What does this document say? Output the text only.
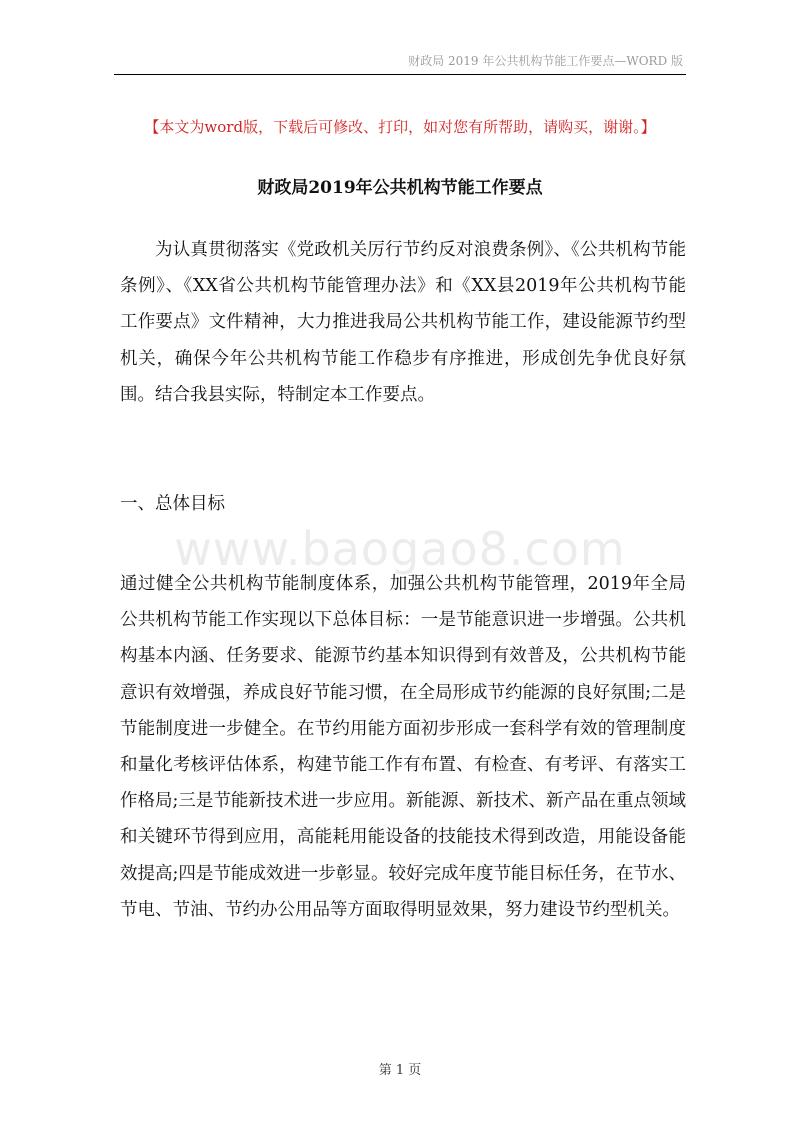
财政局 2019 年公共机构节能工作要点—WORD 版
【本文为word版，下载后可修改、打印，如对您有所帮助，请购买，谢谢。】
财政局2019年公共机构节能工作要点

为认真贯彻落实《党政机关厉行节约反对浪费条例》、《公共机构节能条例》、《XX省公共机构节能管理办法》和《XX县2019年公共机构节能工作要点》文件精神，大力推进我局公共机构节能工作，建设能源节约型机关，确保今年公共机构节能工作稳步有序推进，形成创先争优良好氛围。结合我县实际，特制定本工作要点。

一、总体目标
www.baogao8.com

通过健全公共机构节能制度体系，加强公共机构节能管理，2019年全局公共机构节能工作实现以下总体目标：一是节能意识进一步增强。公共机构基本内涵、任务要求、能源节约基本知识得到有效普及，公共机构节能意识有效增强，养成良好节能习惯，在全局形成节约能源的良好氛围;二是节能制度进一步健全。在节约用能方面初步形成一套科学有效的管理制度和量化考核评估体系，构建节能工作有布置、有检查、有考评、有落实工作格局;三是节能新技术进一步应用。新能源、新技术、新产品在重点领域和关键环节得到应用，高能耗用能设备的技能技术得到改造，用能设备能效提高;四是节能成效进一步彰显。较好完成年度节能目标任务，在节水、节电、节油、节约办公用品等方面取得明显效果，努力建设节约型机关。

第 1 页
